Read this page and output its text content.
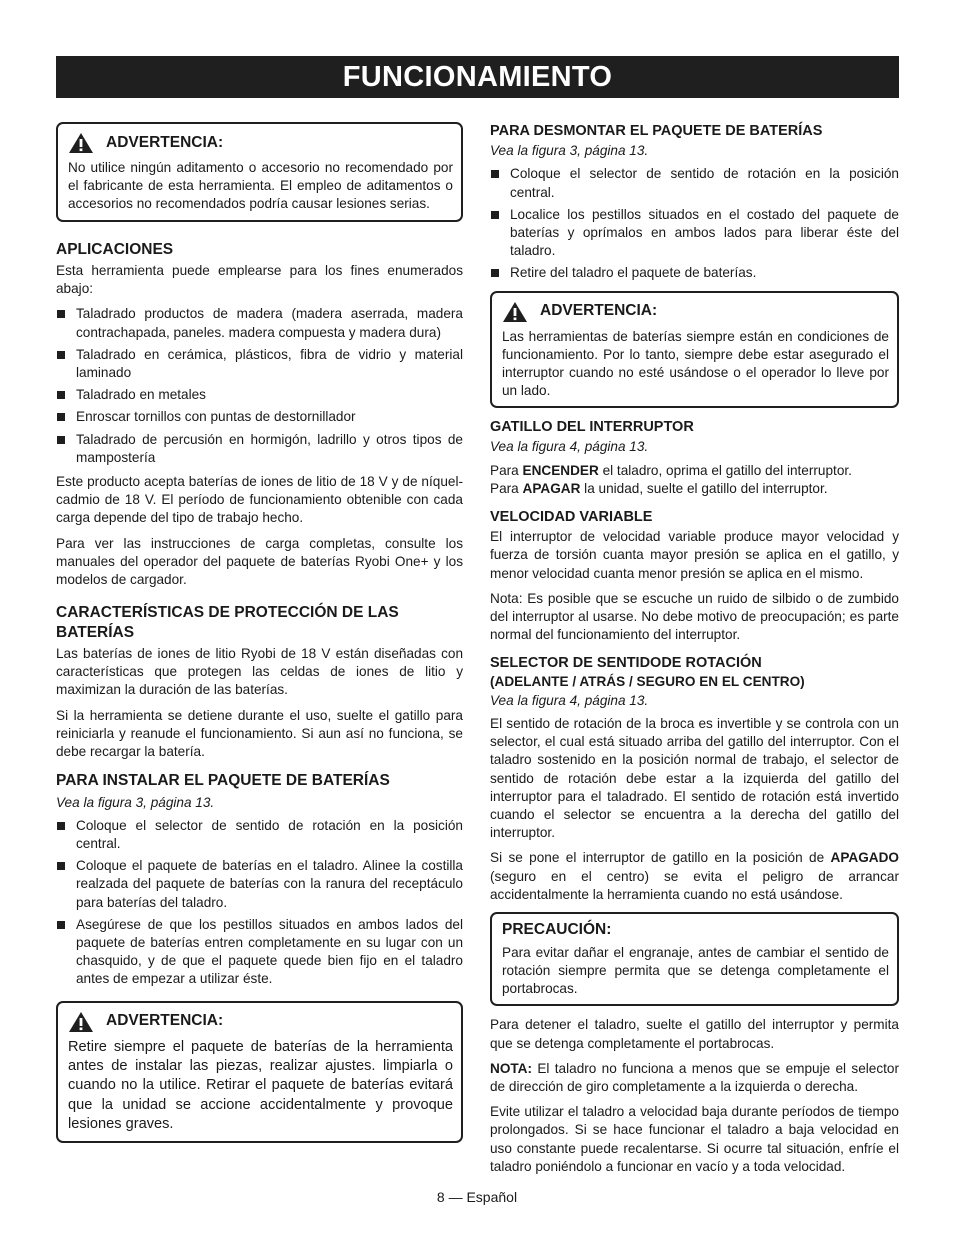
FUNCIONAMIENTO
ADVERTENCIA:

No utilice ningún aditamento o accesorio no recomendado por el fabricante de esta herramienta. El empleo de aditamentos o accesorios no recomendados podría causar lesiones serias.

APLICACIONES

Esta herramienta puede emplearse para los fines enumerados abajo:

Taladrado productos de madera (madera aserrada, madera contrachapada, paneles. madera compuesta y madera dura)
Taladrado en cerámica, plásticos, fibra de vidrio y material laminado
Taladrado en metales
Enroscar tornillos con puntas de destornillador
Taladrado de percusión en hormigón, ladrillo y otros tipos de mampostería

Este producto acepta baterías de iones de litio de 18 V y de níquel-cadmio de 18 V. El período de funcionamiento obtenible con cada carga depende del tipo de trabajo hecho.

Para ver las instrucciones de carga completas, consulte los manuales del operador del paquete de baterías Ryobi One+ y los modelos de cargador.

CARACTERÍSTICAS DE PROTECCIÓN DE LAS BATERÍAS

Las baterías de iones de litio Ryobi de 18 V están diseñadas con características que protegen las celdas de iones de litio y maximizan la duración de las baterías.

Si la herramienta se detiene durante el uso, suelte el gatillo para reiniciarla y reanude el funcionamiento. Si aun así no funciona, se debe recargar la batería.

PARA INSTALAR EL PAQUETE DE BATERÍAS

Vea la figura 3, página 13.

Coloque el selector de sentido de rotación en la posición central.
Coloque el paquete de baterías en el taladro. Alinee la costilla realzada del paquete de baterías con la ranura del receptáculo para baterías del taladro.
Asegúrese de que los pestillos situados en ambos lados del paquete de baterías entren completamente en su lugar con un chasquido, y de que el paquete quede bien fijo en el taladro antes de empezar a utilizar éste.
ADVERTENCIA:

Retire siempre el paquete de baterías de la herramienta antes de instalar las piezas, realizar ajustes. limpiarla o cuando no la utilice. Retirar el paquete de baterías evitará que la unidad se accione accidentalmente y provoque lesiones graves.

PARA DESMONTAR EL PAQUETE DE BATERÍAS

Vea la figura 3, página 13.

Coloque el selector de sentido de rotación en la posición central.
Localice los pestillos situados en el costado del paquete de baterías y oprímalos en ambos lados para liberar éste del taladro.
Retire del taladro el paquete de baterías.
ADVERTENCIA:

Las herramientas de baterías siempre están en condiciones de funcionamiento. Por lo tanto, siempre debe estar asegurado el interruptor cuando no esté usándose o el operador lo lleve por un lado.

GATILLO DEL INTERRUPTOR

Vea la figura 4, página 13.

Para ENCENDER el taladro, oprima el gatillo del interruptor.

Para APAGAR la unidad, suelte el gatillo del interruptor.

VELOCIDAD VARIABLE

El interruptor de velocidad variable produce mayor velocidad y fuerza de torsión cuanta mayor presión se aplica en el gatillo, y menor velocidad cuanta menor presión se aplica en el mismo.

Nota: Es posible que se escuche un ruido de silbido o de zumbido del interruptor al usarse. No debe motivo de preocupación; es parte normal del funcionamiento del interruptor.

SELECTOR DE SENTIDODE ROTACIÓN
(ADELANTE / ATRÁS / SEGURO EN EL CENTRO)

Vea la figura 4, página 13.

El sentido de rotación de la broca es invertible y se controla con un selector, el cual está situado arriba del gatillo del interruptor. Con el taladro sostenido en la posición normal de trabajo, el selector de sentido de rotación debe estar a la izquierda del gatillo del interruptor para el taladrado. El sentido de rotación está invertido cuando el selector se encuentra a la derecha del gatillo del interruptor.

Si se pone el interruptor de gatillo en la posición de APAGADO (seguro en el centro) se evita el peligro de arrancar accidentalmente la herramienta cuando no está usándose.

PRECAUCIÓN:

Para evitar dañar el engranaje, antes de cambiar el sentido de rotación siempre permita que se detenga completamente el portabrocas.

Para detener el taladro, suelte el gatillo del interruptor y permita que se detenga completamente el portabrocas.

NOTA: El taladro no funciona a menos que se empuje el selector de dirección de giro completamente a la izquierda o derecha.

Evite utilizar el taladro a velocidad baja durante períodos de tiempo prolongados. Si se hace funcionar el taladro a baja velocidad en uso constante puede recalentarse. Si ocurre tal situación, enfríe el taladro poniéndolo a funcionar en vacío y a toda velocidad.

8 — Español
